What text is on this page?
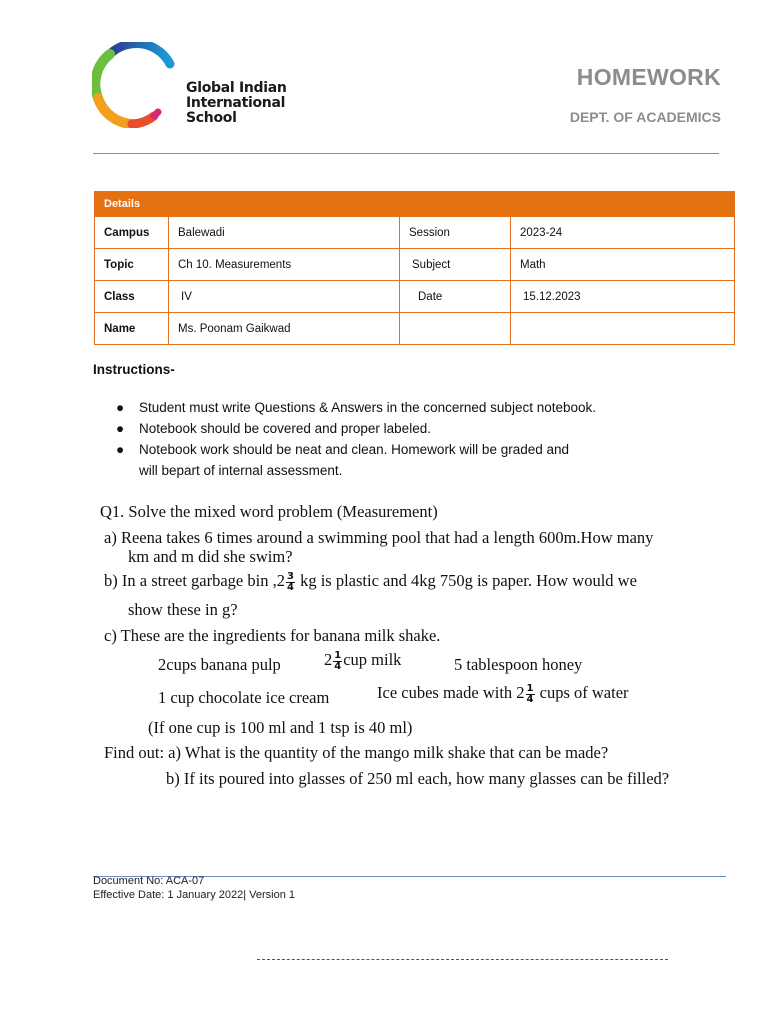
Global Indian
International
School
HOMEWORK
DEPT. OF ACADEMICS
Details			
Campus	Balewadi	Session	2023-24
Topic	Ch 10. Measurements	Subject	Math
Class	IV	Date	15.12.2023
Name	Ms. Poonam Gaikwad		
Instructions-
● Student must write Questions & Answers in the concerned subject notebook.
● Notebook should be covered and proper labeled.
● Notebook work should be neat and clean. Homework will be graded and
will bepart of internal assessment.
Q1. Solve the mixed word problem (Measurement)
a) Reena takes 6 times around a swimming pool that had a length 600m.How many
km and m did she swim?
b) In a street garbage bin $,2 \frac{3}{4}$ kg is plastic and 4kg 750g is paper. How would we
show these in g?
c) These are the ingredients for banana milk shake.
2cups banana pulp	$2 \frac{1}{4}$ cup milk	5 tablespoon honey
1 cup chocolate ice cream	Ice cubes made with $2 \frac{1}{4}$ cups of water
(If one cup is 100 ml and 1 tsp is 40 ml)
Find out: a) What is the quantity of the mango milk shake that can be made?
b) If its poured into glasses of 250 ml each, how many glasses can be filled?
Document No: ACA-07
Effective Date: 1 January 2022| Version 1
